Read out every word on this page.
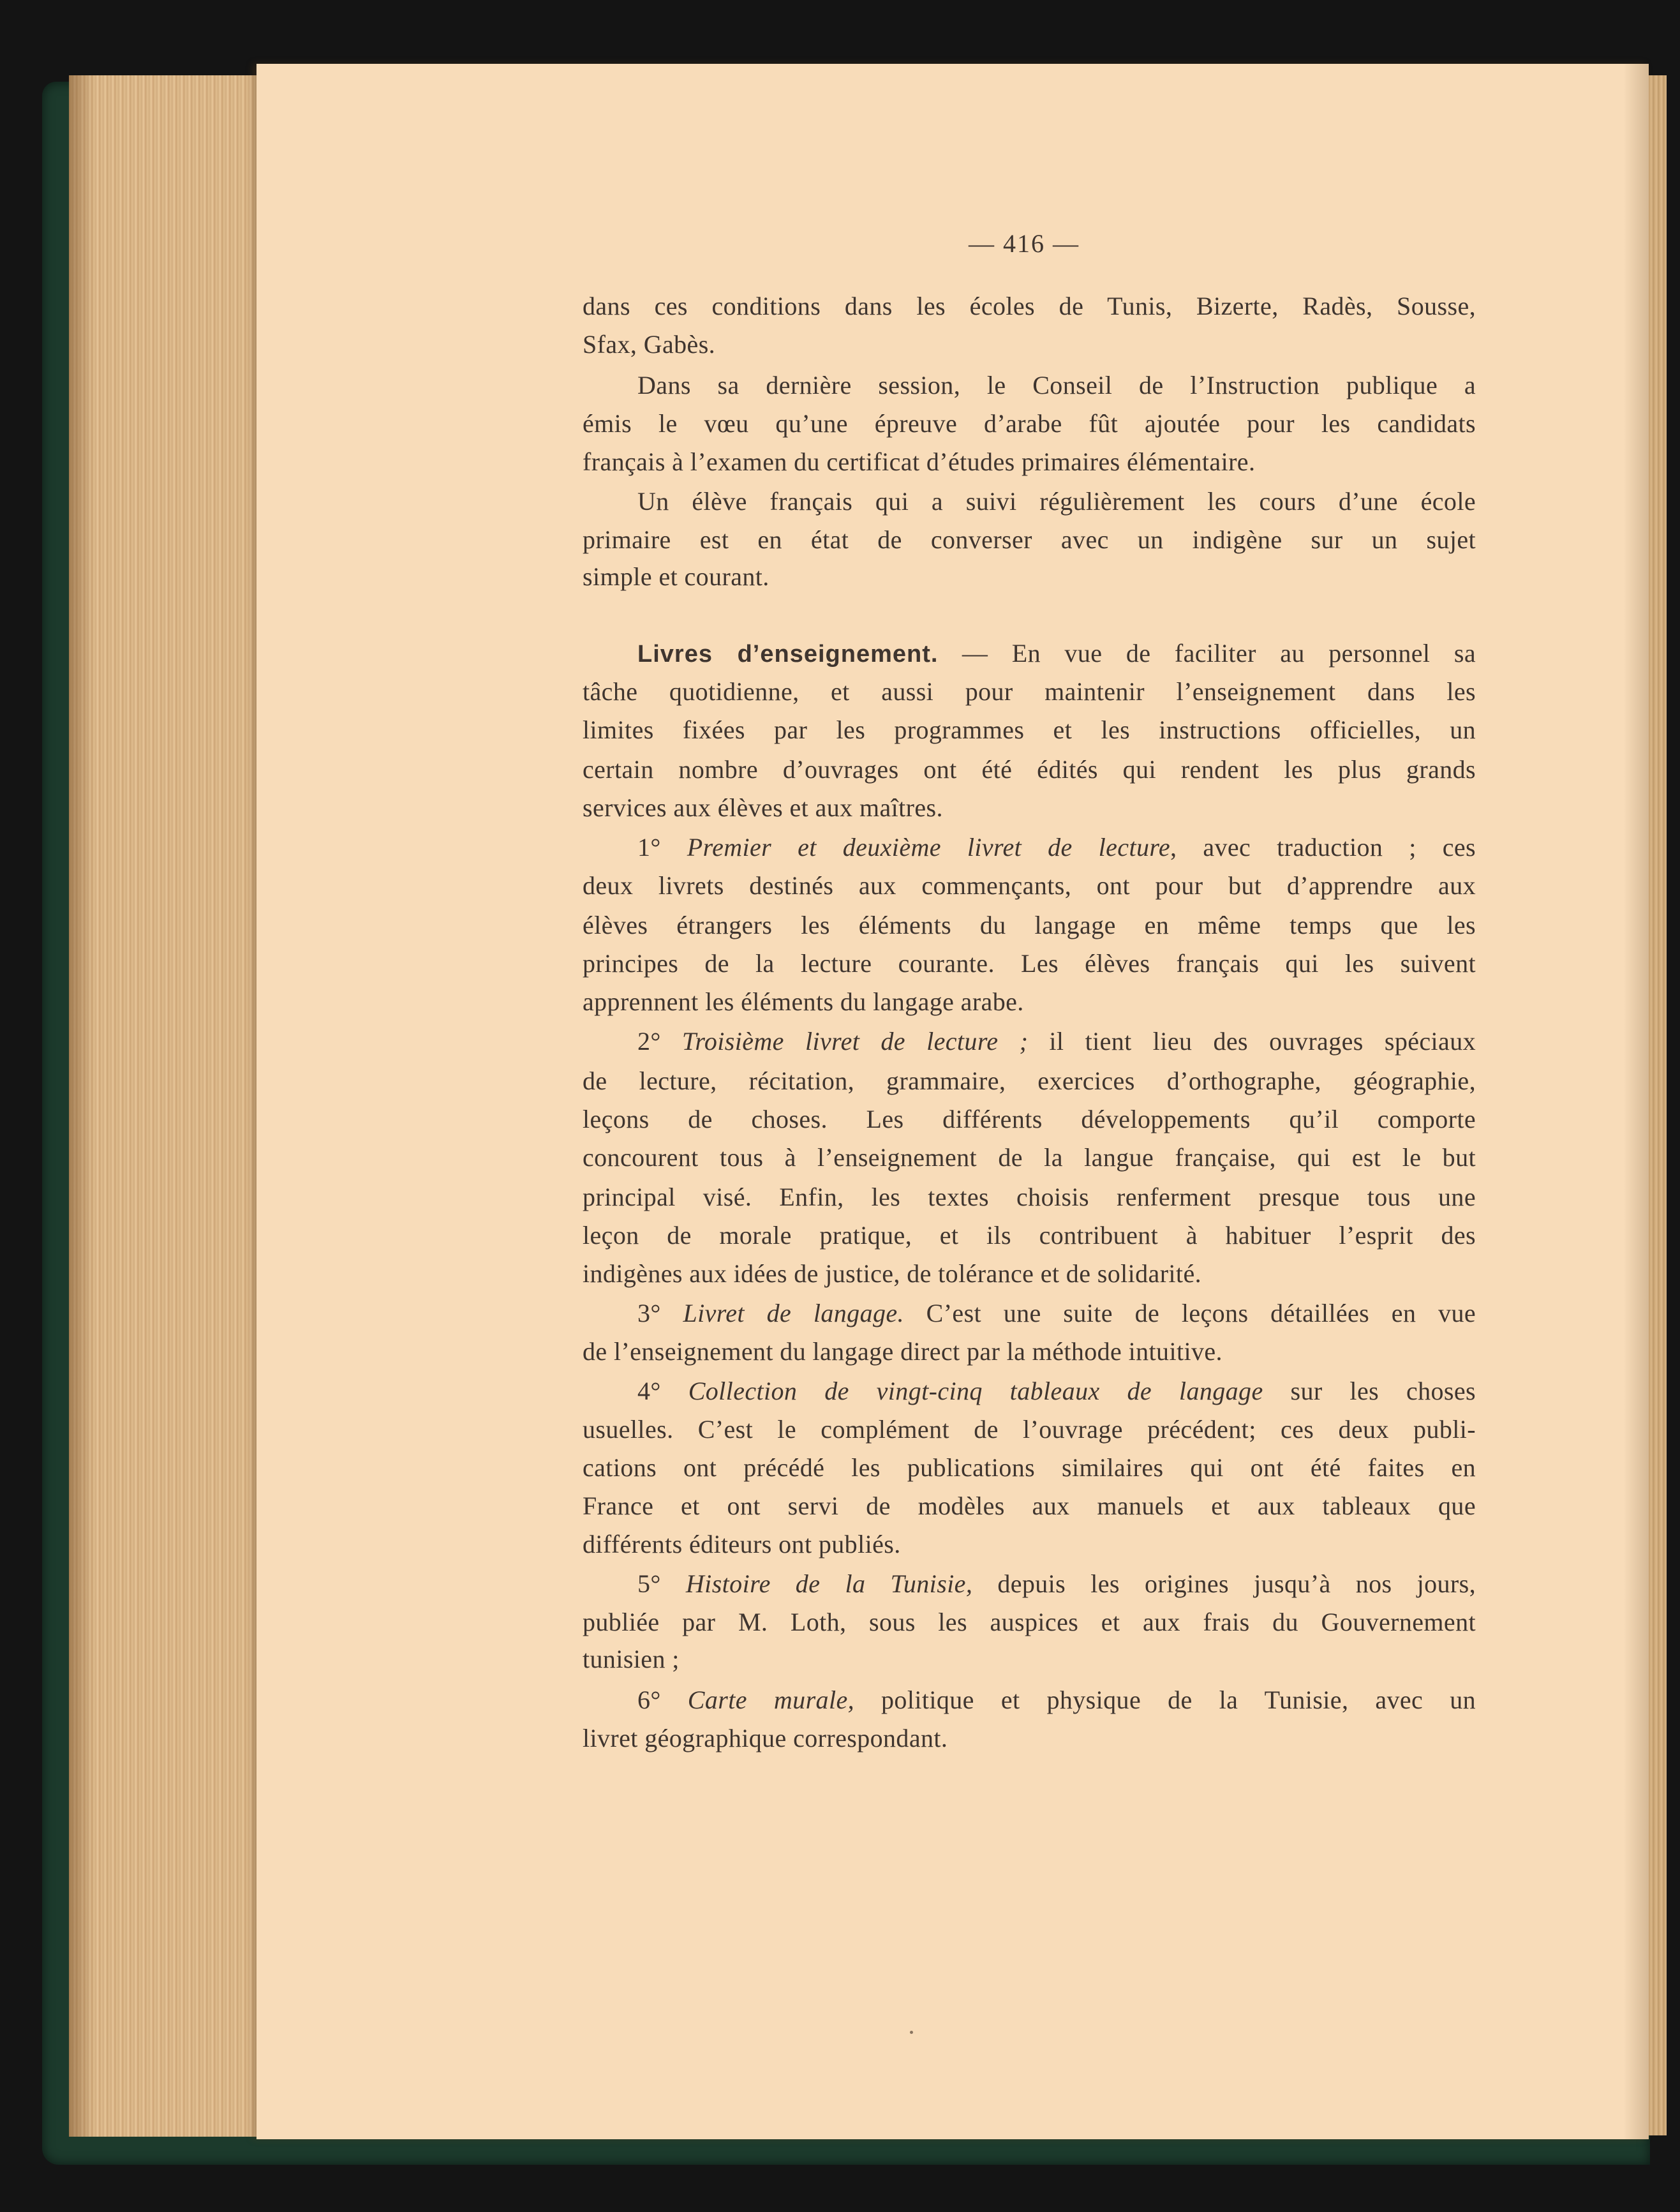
— 416 —
dans ces conditions dans les écoles de Tunis, Bizerte, Radès, Sousse,
Sfax, Gabès.
Dans sa dernière session, le Conseil de l’Instruction publique a
émis le vœu qu’une épreuve d’arabe fût ajoutée pour les candidats
français à l’examen du certificat d’études primaires élémentaire.
Un élève français qui a suivi régulièrement les cours d’une école
primaire est en état de converser avec un indigène sur un sujet
simple et courant.
Livres d’enseignement. — En vue de faciliter au personnel sa
tâche quotidienne, et aussi pour maintenir l’enseignement dans les
limites fixées par les programmes et les instructions officielles, un
certain nombre d’ouvrages ont été édités qui rendent les plus grands
services aux élèves et aux maîtres.
1° Premier et deuxième livret de lecture, avec traduction ; ces
deux livrets destinés aux commençants, ont pour but d’apprendre aux
élèves étrangers les éléments du langage en même temps que les
principes de la lecture courante. Les élèves français qui les suivent
apprennent les éléments du langage arabe.
2° Troisième livret de lecture ; il tient lieu des ouvrages spéciaux
de lecture, récitation, grammaire, exercices d’orthographe, géographie,
leçons de choses. Les différents développements qu’il comporte
concourent tous à l’enseignement de la langue française, qui est le but
principal visé. Enfin, les textes choisis renferment presque tous une
leçon de morale pratique, et ils contribuent à habituer l’esprit des
indigènes aux idées de justice, de tolérance et de solidarité.
3° Livret de langage. C’est une suite de leçons détaillées en vue
de l’enseignement du langage direct par la méthode intuitive.
4° Collection de vingt-cinq tableaux de langage sur les choses
usuelles. C’est le complément de l’ouvrage précédent; ces deux publi-
cations ont précédé les publications similaires qui ont été faites en
France et ont servi de modèles aux manuels et aux tableaux que
différents éditeurs ont publiés.
5° Histoire de la Tunisie, depuis les origines jusqu’à nos jours,
publiée par M. Loth, sous les auspices et aux frais du Gouvernement
tunisien ;
6° Carte murale, politique et physique de la Tunisie, avec un
livret géographique correspondant.
